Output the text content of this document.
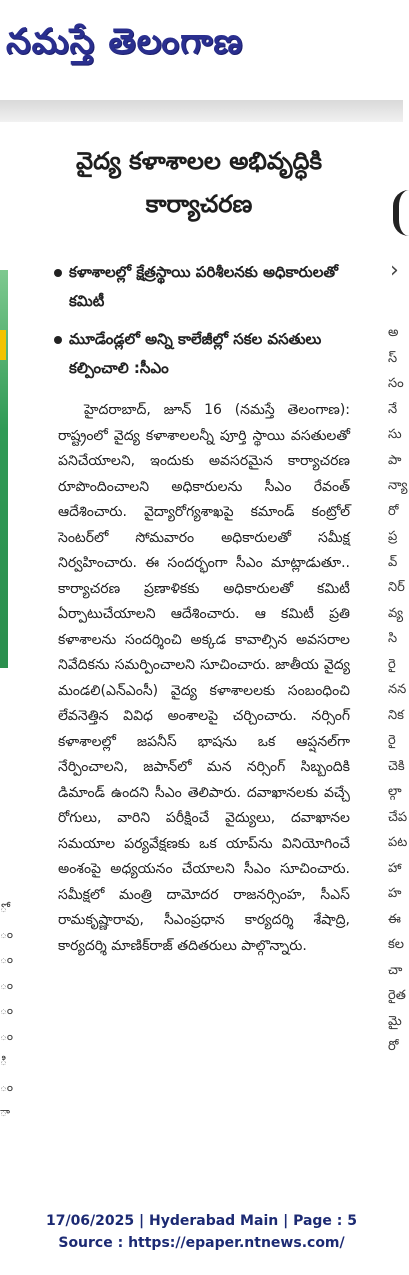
నమస్తే తెలంగాణ
ో
ం
ం
ం
ం
ం
ి
ం
ా
›
అ
స్
సం
నే
సు
పా
న్యా
రో
ప్ర
వ్
నిర్
వ్య
సి
రై
నన
నిక
రై
చెకి
ల్గా
చేప
పట
హా
హ
ఈ
కల
చా
రైత
మై
రో
వైద్య కళాశాలల అభివృద్ధికి కార్యాచరణ
కళాశాలల్లో క్షేత్రస్థాయి పరిశీలనకు అధికారులతో కమిటీ
మూడేండ్లలో అన్ని కాలేజీల్లో సకల వసతులు కల్పించాలి :సీఎం
హైదరాబాద్, జూన్ 16 (నమస్తే తెలంగాణ): రాష్ట్రంలో వైద్య కళాశాలలన్నీ పూర్తి స్థాయి వసతులతో పనిచేయాలని, ఇందుకు అవసరమైన కార్యాచరణ రూపొందించాలని అధికారులను సీఎం రేవంత్ ఆదేశించారు. వైద్యారోగ్యశాఖపై కమాండ్ కంట్రోల్ సెంటర్‌లో సోమవారం అధికారులతో సమీక్ష నిర్వహించారు. ఈ సందర్భంగా సీఎం మాట్లాడుతూ.. కార్యాచరణ ప్రణాళికకు అధికారులతో కమిటీ ఏర్పాటుచేయాలని ఆదేశించారు. ఆ కమిటీ ప్రతి కళాశాలను సందర్శించి అక్కడ కావాల్సిన అవసరాల నివేదికను సమర్పించాలని సూచించారు. జాతీయ వైద్య మండలి(ఎన్ఎంసీ) వైద్య కళాశాలలకు సంబంధించి లేవనెత్తిన వివిధ అంశాలపై చర్చించారు. నర్సింగ్ కళాశాలల్లో జపనీస్ భాషను ఒక ఆప్షనల్‌గా నేర్పించాలని, జపాన్‌లో మన నర్సింగ్ సిబ్బందికి డిమాండ్ ఉందని సీఎం తెలిపారు. దవాఖానలకు వచ్చే రోగులు, వారిని పరీక్షించే వైద్యులు, దవాఖానల సమయాల పర్యవేక్షణకు ఒక యాప్‌ను వినియోగించే అంశంపై అధ్యయనం చేయాలని సీఎం సూచించారు. సమీక్షలో మంత్రి దామోదర రాజనర్సింహ, సీఎస్ రామకృష్ణారావు, సీఎంప్రధాన కార్యదర్శి శేషాద్రి, కార్యదర్శి మాణిక్‌రాజ్ తదితరులు పాల్గొన్నారు.
17/06/2025 | Hyderabad Main | Page : 5
Source : https://epaper.ntnews.com/
